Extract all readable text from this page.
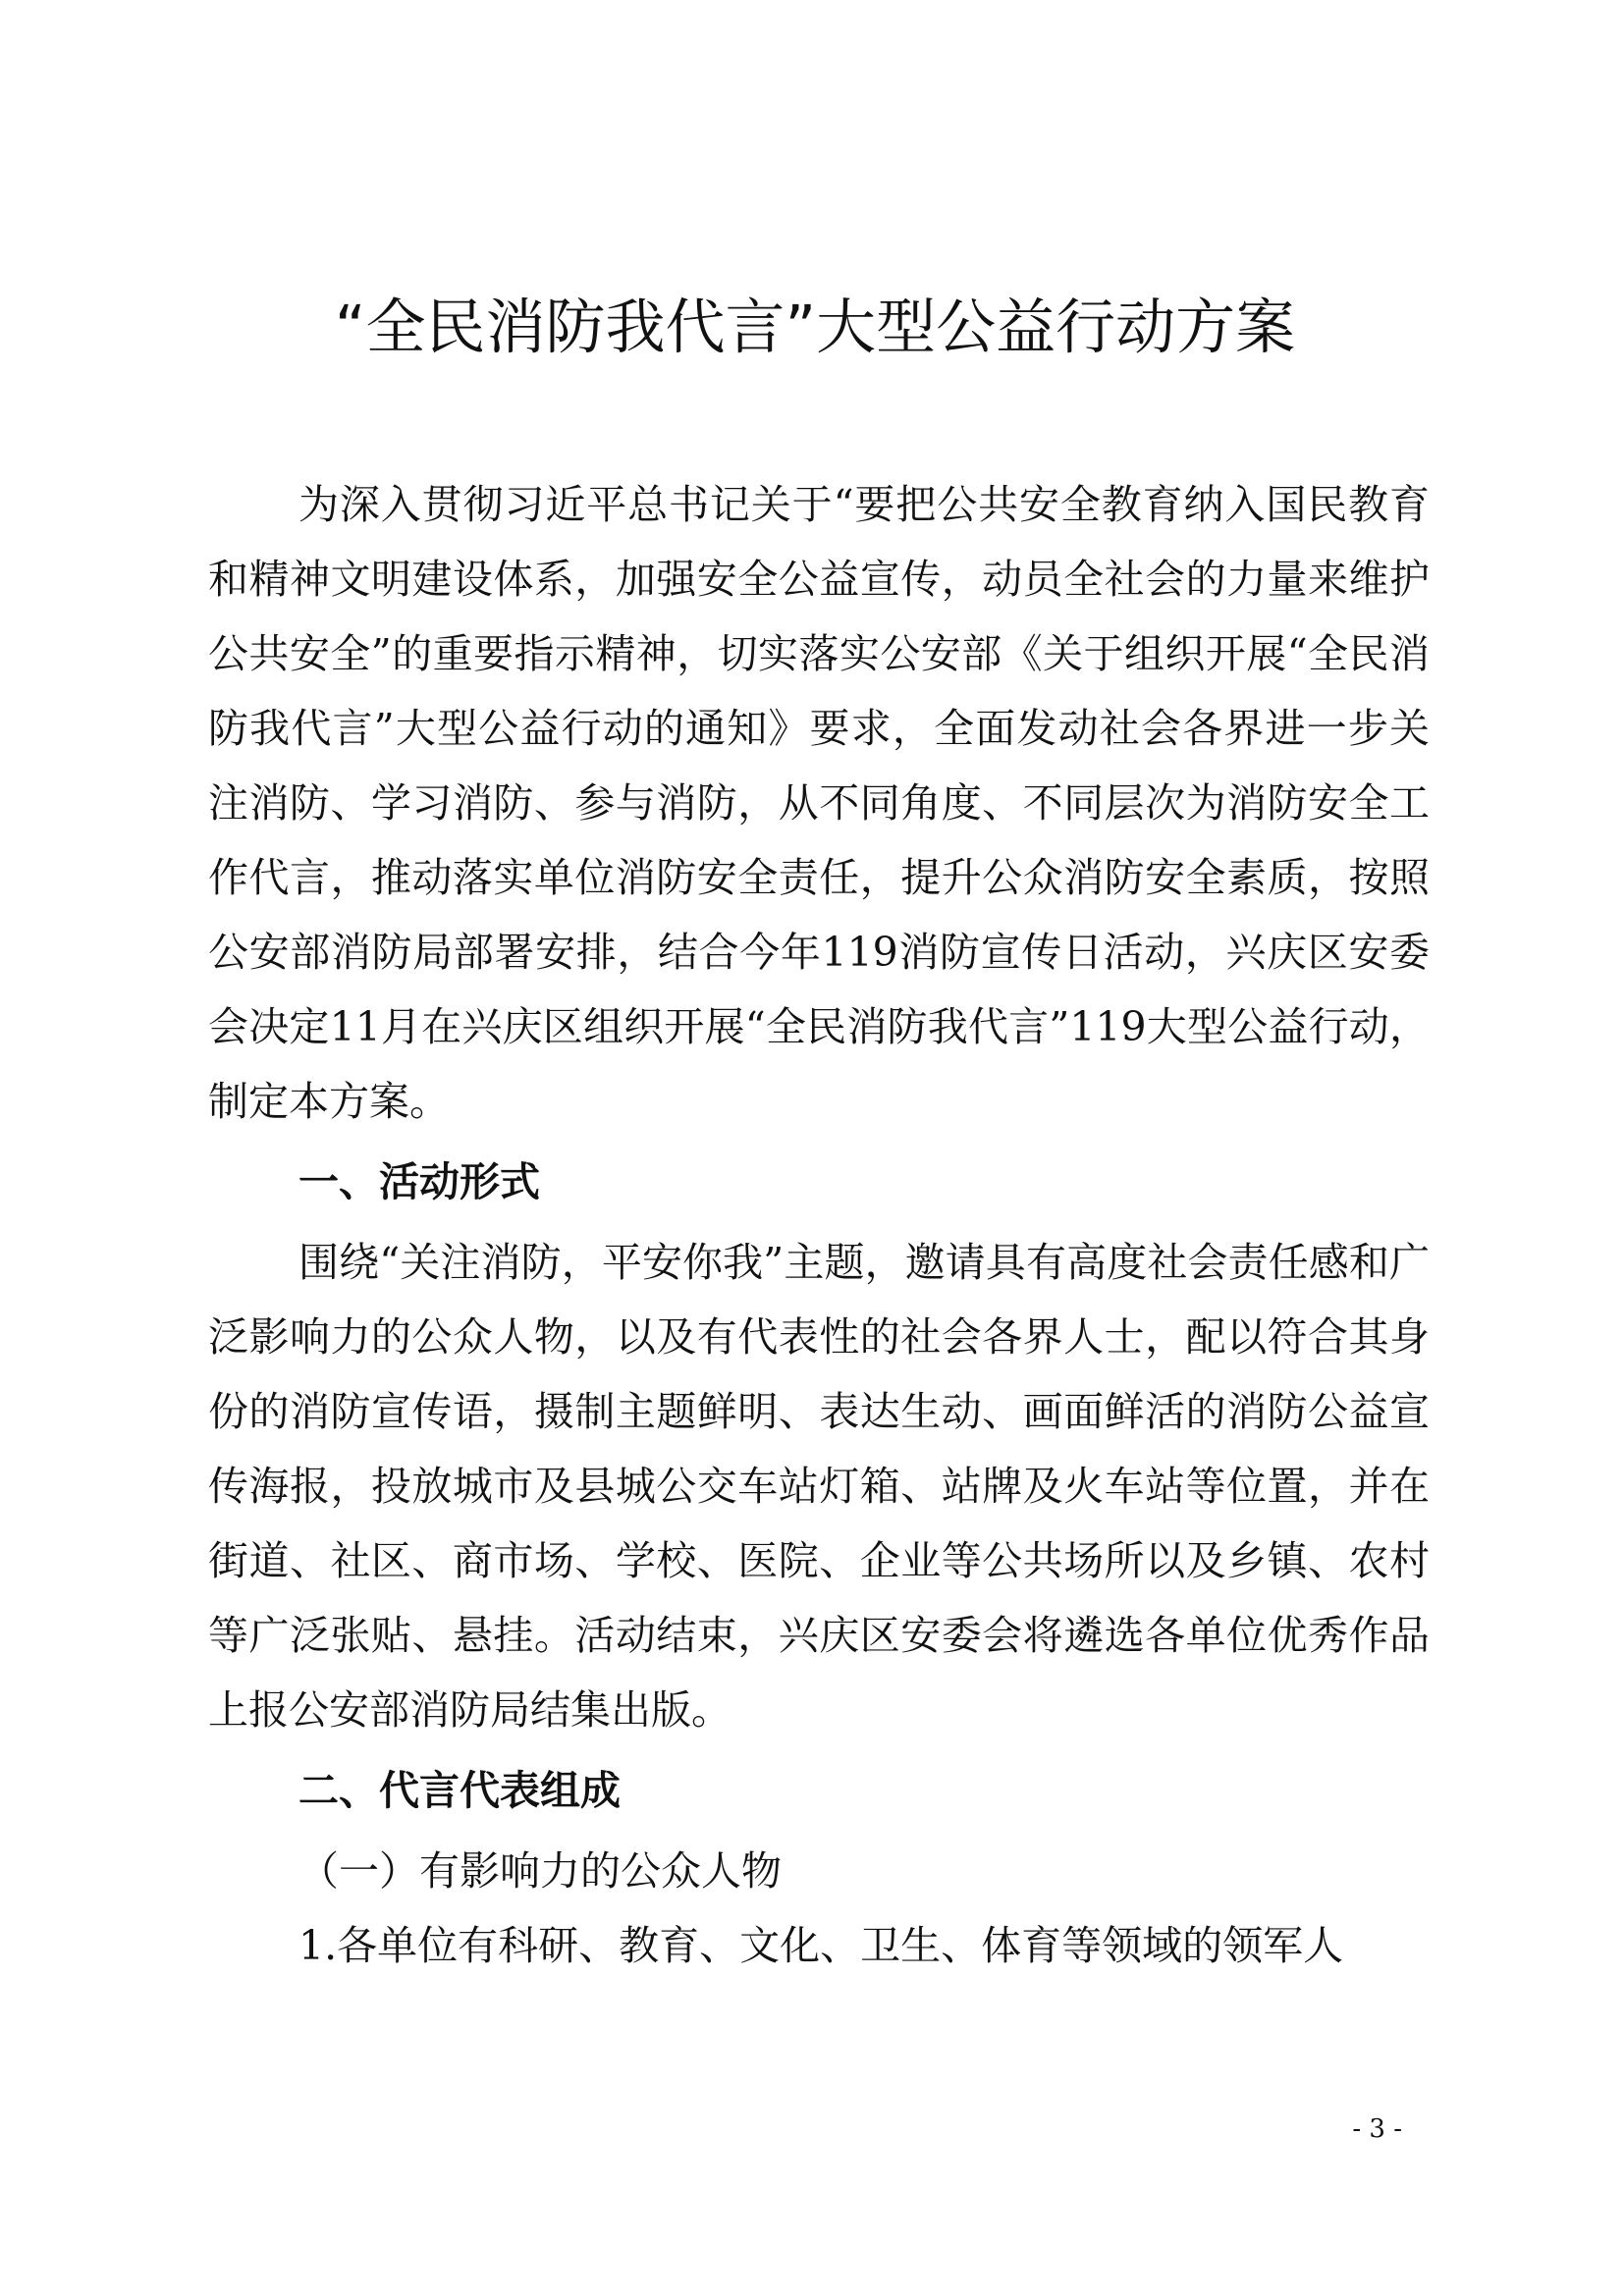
“全民消防我代言”大型公益行动方案

为深入贯彻习近平总书记关于“要把公共安全教育纳入国民教育和精神文明建设体系，加强安全公益宣传，动员全社会的力量来维护公共安全”的重要指示精神，切实落实公安部《关于组织开展“全民消防我代言”大型公益行动的通知》要求，全面发动社会各界进一步关注消防、学习消防、参与消防，从不同角度、不同层次为消防安全工作代言，推动落实单位消防安全责任，提升公众消防安全素质，按照公安部消防局部署安排，结合今年119消防宣传日活动，兴庆区安委会决定11月在兴庆区组织开展“全民消防我代言”119大型公益行动，制定本方案。

一、活动形式

围绕“关注消防，平安你我”主题，邀请具有高度社会责任感和广泛影响力的公众人物，以及有代表性的社会各界人士，配以符合其身份的消防宣传语，摄制主题鲜明、表达生动、画面鲜活的消防公益宣传海报，投放城市及县城公交车站灯箱、站牌及火车站等位置，并在街道、社区、商市场、学校、医院、企业等公共场所以及乡镇、农村等广泛张贴、悬挂。活动结束，兴庆区安委会将遴选各单位优秀作品上报公安部消防局结集出版。

二、代言代表组成

（一）有影响力的公众人物

1.各单位有科研、教育、文化、卫生、体育等领域的领军人

- 3 -
